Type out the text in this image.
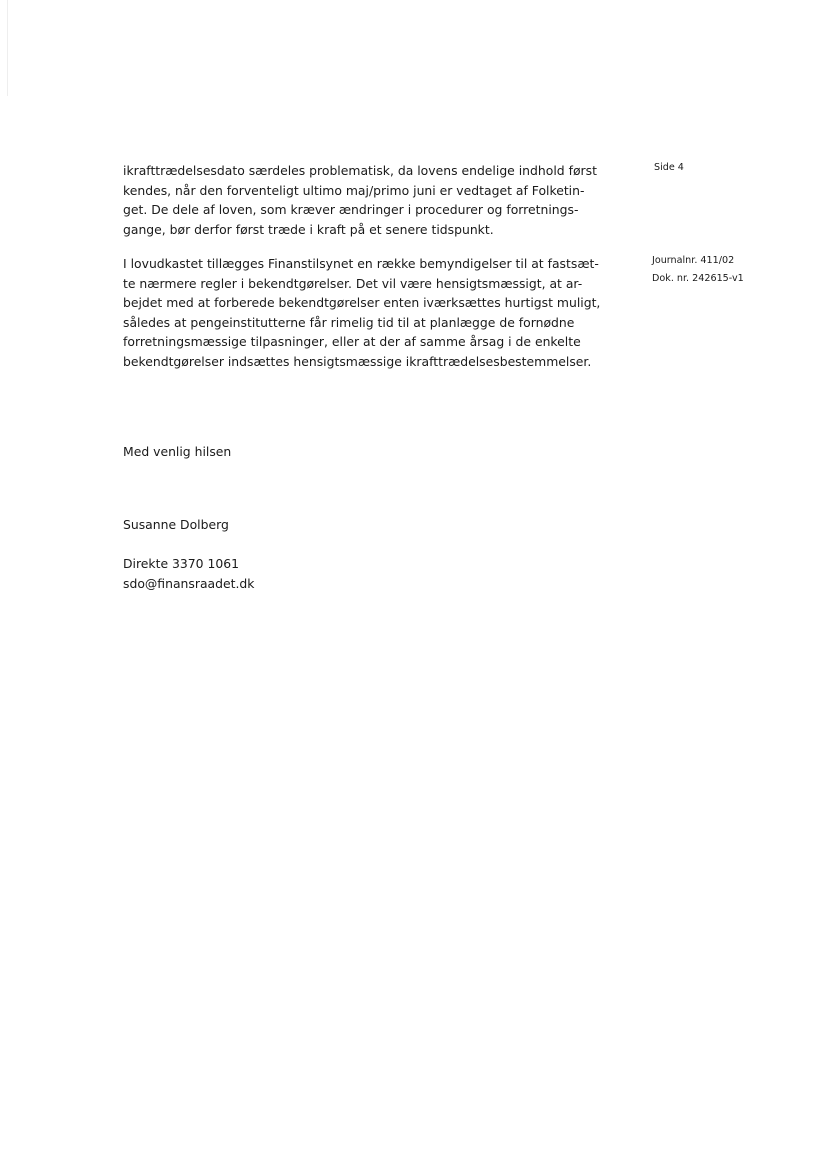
Side 4
Journalnr. 411/02
Dok. nr. 242615-v1

ikrafttrædelsesdato særdeles problematisk, da lovens endelige indhold først
kendes, når den forventeligt ultimo maj/primo juni er vedtaget af Folketin-
get. De dele af loven, som kræver ændringer i procedurer og forretnings-
gange, bør derfor først træde i kraft på et senere tidspunkt.

I lovudkastet tillægges Finanstilsynet en række bemyndigelser til at fastsæt-
te nærmere regler i bekendtgørelser. Det vil være hensigtsmæssigt, at ar-
bejdet med at forberede bekendtgørelser enten iværksættes hurtigst muligt,
således at pengeinstitutterne får rimelig tid til at planlægge de fornødne
forretningsmæssige tilpasninger, eller at der af samme årsag i de enkelte
bekendtgørelser indsættes hensigtsmæssige ikrafttrædelsesbestemmelser.

Med venlig hilsen

Susanne Dolberg

Direkte 3370 1061
sdo@finansraadet.dk
